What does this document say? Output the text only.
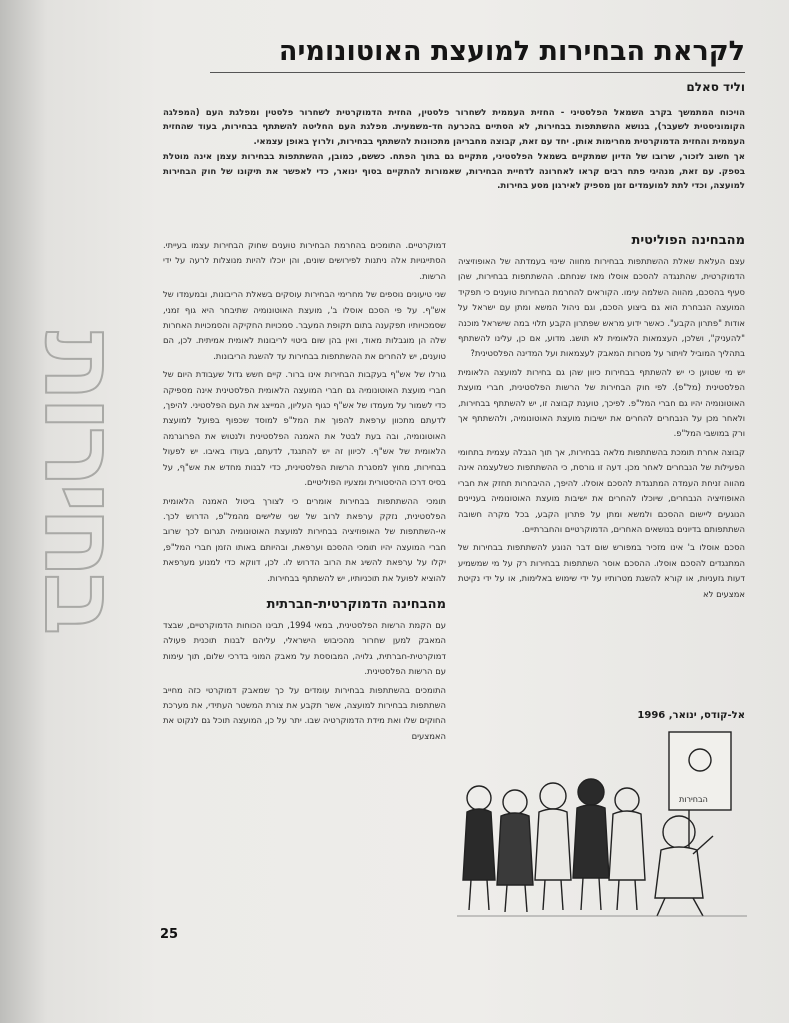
בחירות
לקראת הבחירות למועצת האוטונומיה
וליד סאלם

הויכוח המתמשך בקרב השמאל הפלסטיני - החזית העממית לשחרור פלסטין, החזית הדמוקרטית לשחרור פלסטין ומפלגת העם (המפלגה הקומוניסטית לשעבר), בנושא ההשתתפות בבחירות, לא הסתיים בהכרעה חד-משמעית. מפלגת העם החליטה להשתתף בבחירות, בעוד שהחזית העממית והחזית הדמוקרטית מחרימות אותן. יחד עם זאת, קבוצה מחבריהן מתכוונות להשתתף בבחירות, ולרוץ באופן עצמאי.

אך חשוב לזכור, שרובו של הדיון שמתקיים בשמאל הפלסטיני, מתקיים גם בתוך הפתח. כששם, כמובן, ההשתתפות בבחירות עצמן אינה מוטלת בספק. עם זאת, מנהיגי פתח רבים קראו לאחרונה לדחיית הבחירות, שאמורות להתקיים בסוף ינואר, כדי לאפשר את תיקונו של חוק הבחירות למועצה, וכדי לתת למועמדים זמן מספיק לאירגון מסע בחירות.

מהבחינה הפוליטית

עצם העלאת שאלת ההשתתפות בבחירות מחווה שינוי בעמדתה של האופוזיציה הדמוקרטית, שהתנגדה להסכם אוסלו מאז שנחתם. ההשתתפות בבחירות, שהן סעיף בהסכם, מהווה השלמה עימו. הקוראים להחרמת הבחירות טוענים כי תפקיד המועצה הנבחרת הוא גם ביצוע הסכם, וגם ניהול המשא ומתן עם ישראל על אודות "פתרון הקבע". כאשר ידוע מראש שפתרון הקבע תלוי במה שישראל מוכנה "להעניק", ושלכן, העצמאות הלאומית לא תושג. מדוע, אם כן, עלינו להשתתף בתהליך המוביל לויתור על מטרות המאבק לעצמאות ועל המדינה הפלסטינית?

יש מי שטוען כי יש להשתתף בבחירות כיוון שהן גם בחירות למועצה הלאומית הפלסטינית (מל"פ). לפי חוק הבחירות של הרשות הפלסטינית, חברי מועצת האוטונומיה יהיו גם חברי המל"פ. לפיכך, טוענת קבוצה זו, יש להשתתף בבחירות, ולאחר מכן על הנבחרים להחרים את ישיבות מועצת האוטונומיה, ולהשתתף אך ורק במושבי המל"פ.

קבוצה אחרת תומכת בהשתתפות מלאה בבחירות, אך תוך הגבלה עצמית בתחומי הפעילות של הנבחרים לאחר מכן. דעה זו גורסת, כי ההשתתפות כשלעצמה אינה מהווה זניחת העמדה המתנגדת להסכם אוסלו. להיפך, ההיבחרות תחזק את חברי האופוזיציה הנבחרים, שיוכלו להחרים את ישיבות מועצת האוטונומיה בעניינים הנוגעים ליישום ההסכם ולמשא ומתן על פתרון הקבע, בכל מקרה חשובה השתתפותם בדיונים בנושאים האחרים, הדמוקרטיים והחברתיים.

הסכם אוסלו ב' אינו מזכיר במפורש שום דבר הנוגע להשתתפות בבחירות של המתנגדים להסכם אוסלו. ההסכם אוסר השתתפות בבחירות רק על מי שמשמיע דעות גזעניות, או קורא להשגת מטרותיו על ידי שימוש באלימות, או על ידי נקיטת אמצעים לא

דמוקרטיים. התומכים בהחרמת הבחירות טוענים שחוק הבחירות עצמו בעייתי. הסתייגויות אלה ניתנות לפירושים שונים, והן יוכלו להיות מנוצלות לרעה על ידי הרשות.

שני טיעונים נוספים של מחרימי הבחירות עוסקים בשאלת הריבונות, ובמעמדו של אש"ף. על פי הסכם אוסלו ב', מועצת האוטונומיה שתיבחר היא גוף זמני, שסמכויותיו תפקענה בתום תקופת המעבר. סמכויות החקיקה והסמכויות האחרות שלה הן מוגבלות מאוד, ואין בהן שום ביטוי לריבונות לאומית אמיתית. לכן, הם טוענים, יש להחרים את ההשתתפות בבחירות עד להשגת הריבונות.

גורלו של אש"ף בעקבות הבחירות אינו ברור. קיים חשש גדול שעבודת היום של חברי מועצת האוטונומיה גם חברי המועצה הלאומית הפלסטינית אינה מספיקה כדי לשמור על מעמדו של אש"ף כגוף העליון, המייצג את העם הפלסטיני. להיפך, לדעתם מתכוון ערפאת להפוך את המל"פ למוסד שכפוף בפועל למועצת האוטונומיה, ובה בעת לבטל את האמנה הפלסטינית ולנטוש את הפרוגרמה הלאומית של אש"ף. לכיוון זה יש להתנגד, לדעתם, בעודו באיבו. יש לפעול בבחירות, מחוץ למסגרת הרשות הפלסטינית, כדי לבנות מחדש את אש"ף, על בסיס דרכו ההיסטורית ומצעיו הפוליטיים.

תומכי ההשתתפות בבחירות אומרים כי לצורך ביטול האמנה הלאומית הפלסטינית, נזקק ערפאת לרוב של שני שלישים מהמל"פ, הדרוש לכך. אי-השתתפות של האופוזיציה בבחירות למועצת האוטונומיה תגרום לכך שרוב חברי המועצה יהיו תומכי ההסכם וערפאת, ובהיותם באותו הזמן חברי המל"פ, יקלו על ערפאת להשיג את הרוב הדרוש לו. לכן, דווקא כדי למנוע מערפאת להוציא לפועל את תוכניותיו, יש להשתתף בבחירות.

מהבחינה הדמוקרטית-חברתית

עם הקמת הרשות הפלסטינית, במאי 1994, תבינו הכוחות הדמוקרטיים, שבצד המאבק למען שחרור מהכיבוש הישראלי, עליהם לבנות תוכנית פעולה דמוקרטית-חברתית, גלויה, המבוססת על מאבק המוני בדרכי שלום, תוך עימות עם הרשות הפלסטינית.

התומכים בהשתתפות בבחירות עומדים על כך שמאבק דמוקרטי כזה מחייב השתתפות בבחירות למועצה, אשר תקבע את צורת המשטר העתידי, את מערכת החוקים שלו ואת מידת הדמוקרטיה שבו. יתר על כן, המועצה תוכל גם לנקוט את האמצעים

אל-קודס, ינואר, 1996
הבחירות
25
